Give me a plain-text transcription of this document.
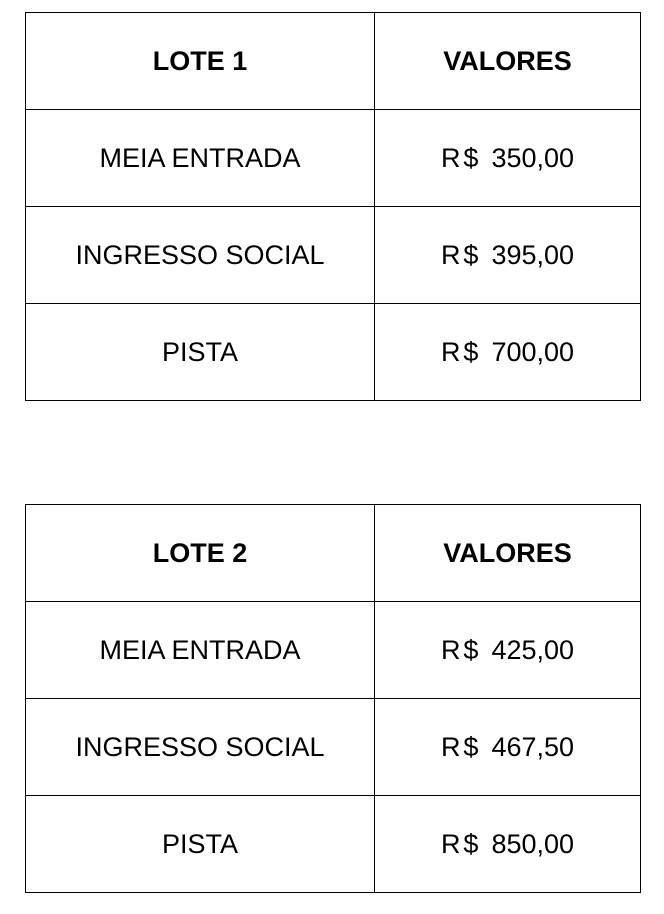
LOTE 1	VALORES
MEIA ENTRADA	R$ 350,00
INGRESSO SOCIAL	R$ 395,00
PISTA	R$ 700,00
LOTE 2	VALORES
MEIA ENTRADA	R$ 425,00
INGRESSO SOCIAL	R$ 467,50
PISTA	R$ 850,00
